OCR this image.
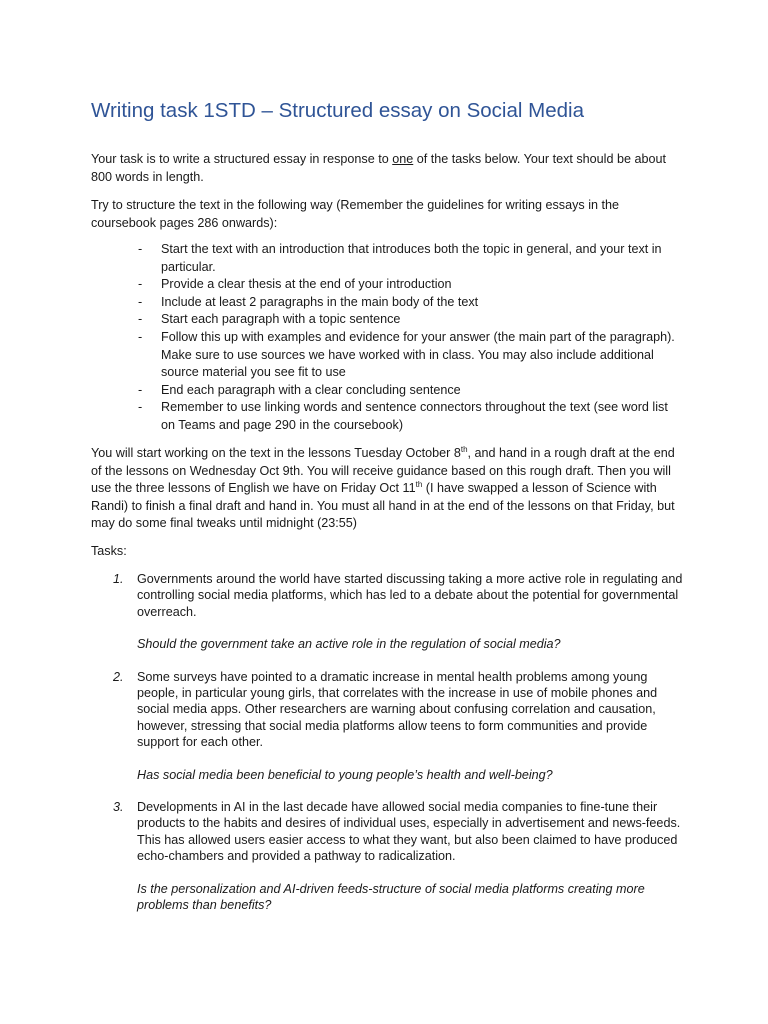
Writing task 1STD – Structured essay on Social Media

Your task is to write a structured essay in response to one of the tasks below. Your text should be about 800 words in length.

Try to structure the text in the following way (Remember the guidelines for writing essays in the coursebook pages 286 onwards):

- Start the text with an introduction that introduces both the topic in general, and your text in particular.
- Provide a clear thesis at the end of your introduction
- Include at least 2 paragraphs in the main body of the text
- Start each paragraph with a topic sentence
- Follow this up with examples and evidence for your answer (the main part of the paragraph). Make sure to use sources we have worked with in class. You may also include additional source material you see fit to use
- End each paragraph with a clear concluding sentence
- Remember to use linking words and sentence connectors throughout the text (see word list on Teams and page 290 in the coursebook)

You will start working on the text in the lessons Tuesday October 8th, and hand in a rough draft at the end of the lessons on Wednesday Oct 9th. You will receive guidance based on this rough draft. Then you will use the three lessons of English we have on Friday Oct 11th (I have swapped a lesson of Science with Randi) to finish a final draft and hand in. You must all hand in at the end of the lessons on that Friday, but may do some final tweaks until midnight (23:55)

Tasks:

1. Governments around the world have started discussing taking a more active role in regulating and controlling social media platforms, which has led to a debate about the potential for governmental overreach.
Should the government take an active role in the regulation of social media?
2. Some surveys have pointed to a dramatic increase in mental health problems among young people, in particular young girls, that correlates with the increase in use of mobile phones and social media apps. Other researchers are warning about confusing correlation and causation, however, stressing that social media platforms allow teens to form communities and provide support for each other.
Has social media been beneficial to young people’s health and well-being?
3. Developments in AI in the last decade have allowed social media companies to fine-tune their products to the habits and desires of individual uses, especially in advertisement and news-feeds. This has allowed users easier access to what they want, but also been claimed to have produced echo-chambers and provided a pathway to radicalization.
Is the personalization and AI-driven feeds-structure of social media platforms creating more problems than benefits?
